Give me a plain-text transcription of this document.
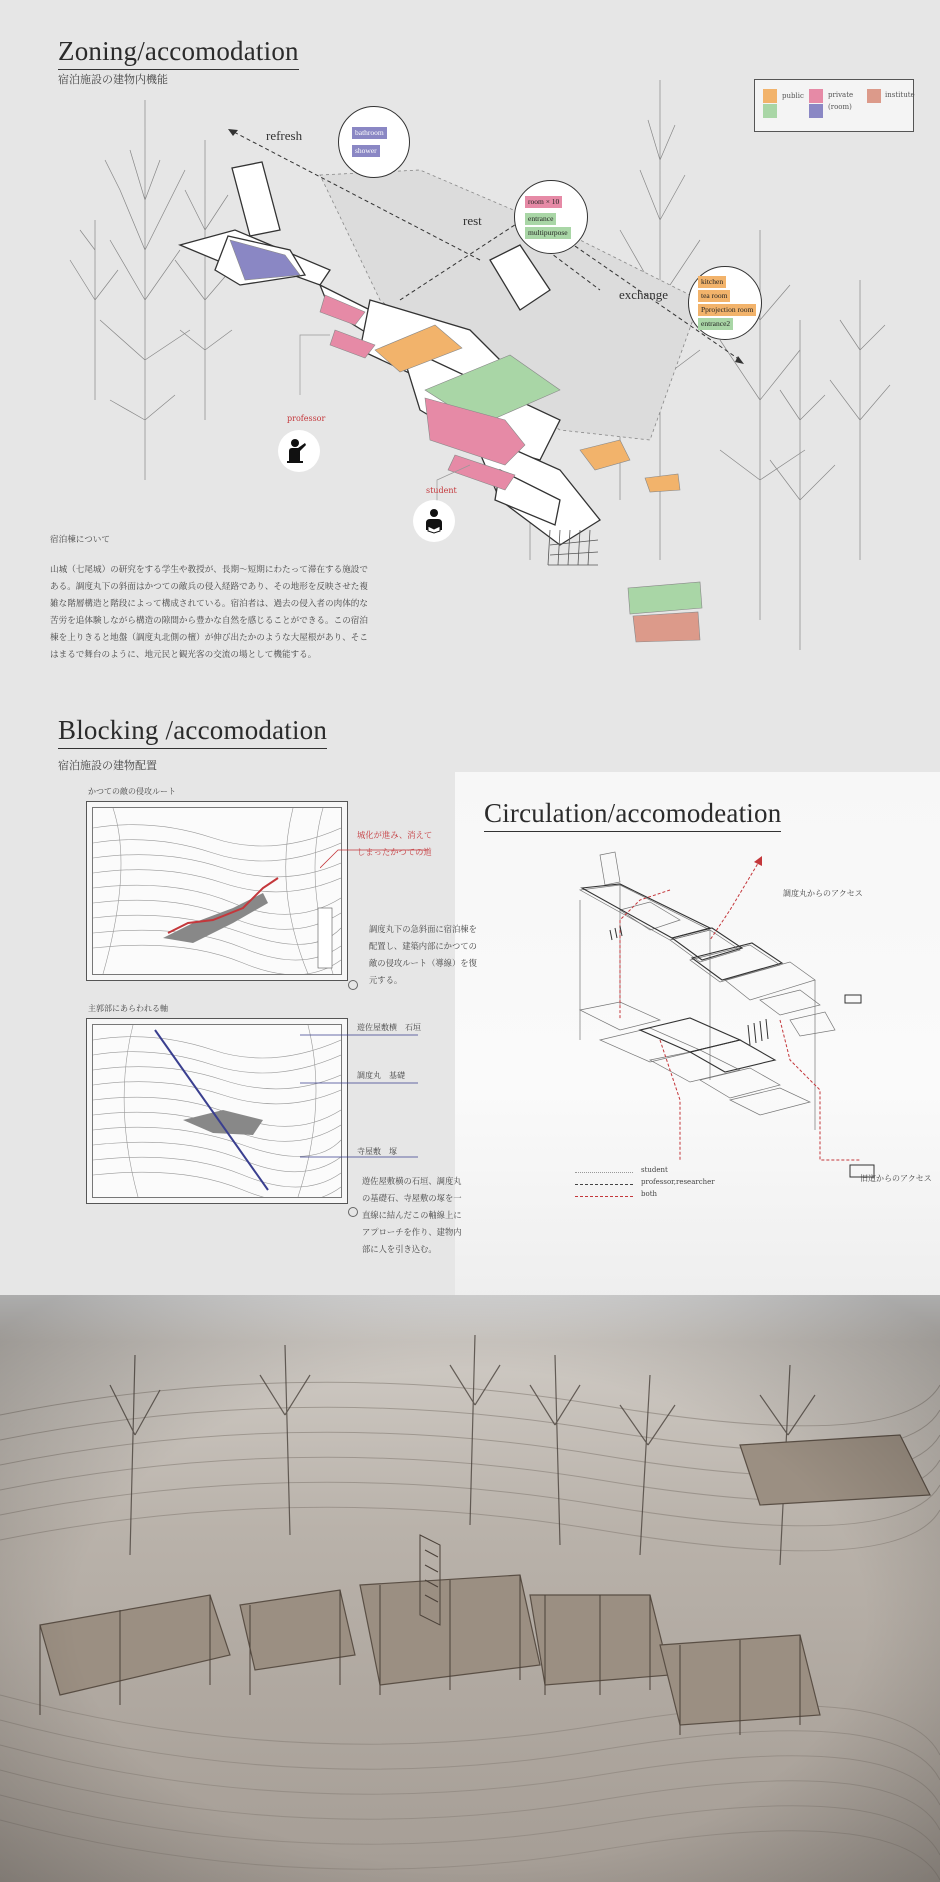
Zoning/accomodation
宿泊施設の建物内機能
public	private
(room)
institute
refresh
rest
exchange
bathroom
shower
room × 10
entrance
multipurpose
kitchen
tea room
Pprojection room
entrance2
professor
student
宿泊棟について
山城（七尾城）の研究をする学生や教授が、長期〜短期にわたって滞在する施設で
ある。調度丸下の斜面はかつての敵兵の侵入経路であり、その地形を反映させた複
雑な階層構造と階段によって構成されている。宿泊者は、過去の侵入者の肉体的な
苦労を追体験しながら構造の隙間から豊かな自然を感じることができる。この宿泊
棟を上りきると地盤（調度丸北側の檀）が伸び出たかのような大屋根があり、そこ
はまるで舞台のように、地元民と観光客の交流の場として機能する。
Blocking /accomodation
宿泊施設の建物配置
かつての敵の侵攻ルート
城化が進み、消えて
しまったかつての道
調度丸下の急斜面に宿泊棟を
配置し、建築内部にかつての
敵の侵攻ルート（導線）を復
元する。
主郭部にあらわれる軸
遊佐屋敷横　石垣
調度丸　基礎
寺屋敷　塚
遊佐屋敷横の石垣、調度丸
の基礎石、寺屋敷の塚を一
直線に結んだこの軸線上に
アプローチを作り、建物内
部に人を引き込む。
Circulation/accomodeation
調度丸からのアクセス
旧道からのアクセス
student
professor,researcher
both
